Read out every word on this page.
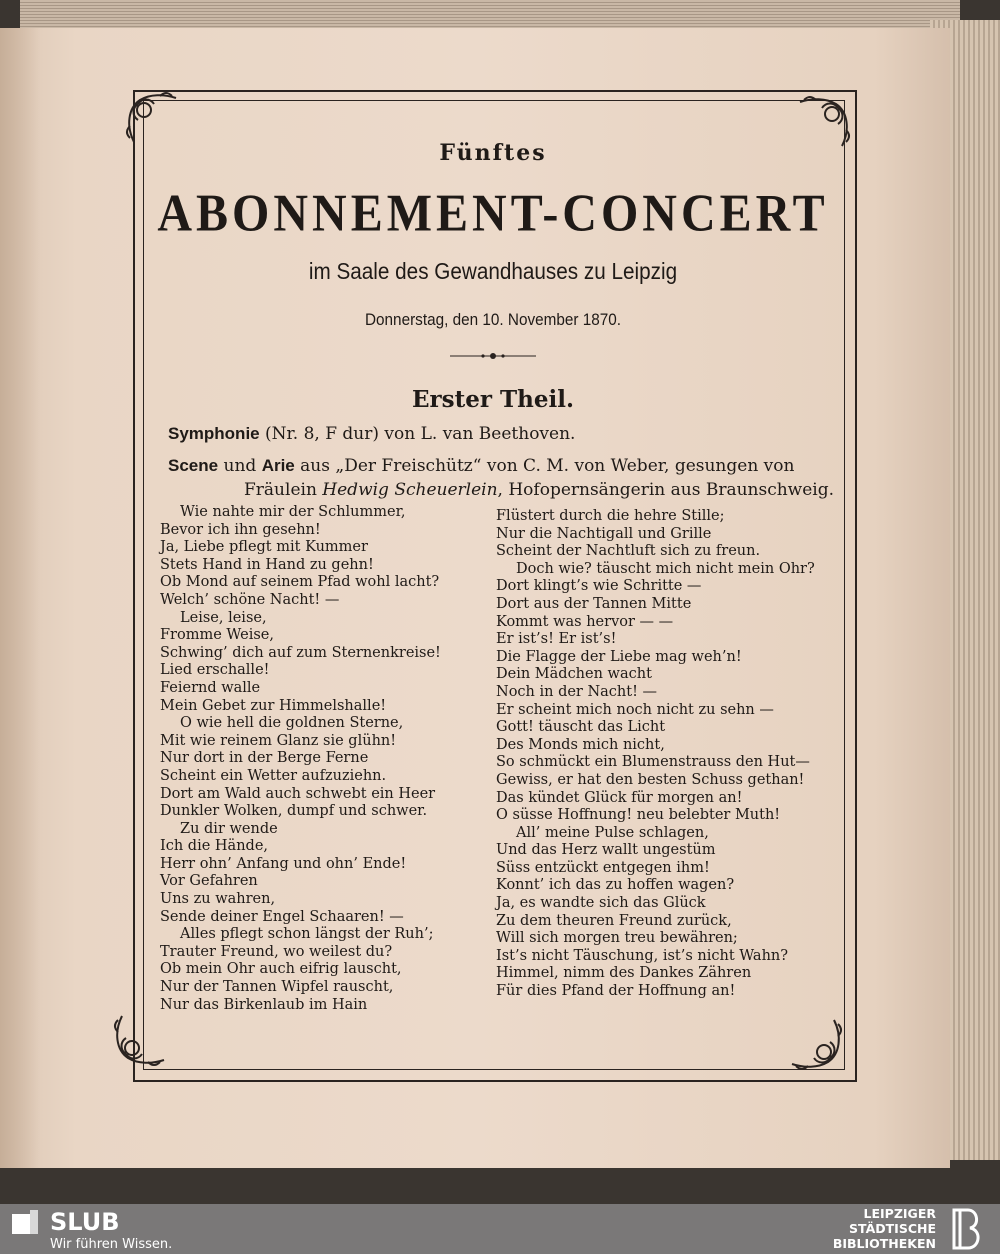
Fünftes
ABONNEMENT-CONCERT
im Saale des Gewandhauses zu Leipzig
Donnerstag, den 10. November 1870.
Erster Theil.
Symphonie (Nr. 8, F dur) von L. van Beethoven.
Scene und Arie aus „Der Freischütz“ von C. M. von Weber, gesungen von
Fräulein Hedwig Scheuerlein, Hofopernsängerin aus Braunschweig.
Wie nahte mir der Schlummer,
Bevor ich ihn gesehn!
Ja, Liebe pflegt mit Kummer
Stets Hand in Hand zu gehn!
Ob Mond auf seinem Pfad wohl lacht?
Welch’ schöne Nacht! —
Leise, leise,
Fromme Weise,
Schwing’ dich auf zum Sternenkreise!
Lied erschalle!
Feiernd walle
Mein Gebet zur Himmelshalle!
O wie hell die goldnen Sterne,
Mit wie reinem Glanz sie glühn!
Nur dort in der Berge Ferne
Scheint ein Wetter aufzuziehn.
Dort am Wald auch schwebt ein Heer
Dunkler Wolken, dumpf und schwer.
Zu dir wende
Ich die Hände,
Herr ohn’ Anfang und ohn’ Ende!
Vor Gefahren
Uns zu wahren,
Sende deiner Engel Schaaren! —
Alles pflegt schon längst der Ruh’;
Trauter Freund, wo weilest du?
Ob mein Ohr auch eifrig lauscht,
Nur der Tannen Wipfel rauscht,
Nur das Birkenlaub im Hain
Flüstert durch die hehre Stille;
Nur die Nachtigall und Grille
Scheint der Nachtluft sich zu freun.
Doch wie? täuscht mich nicht mein Ohr?
Dort klingt’s wie Schritte —
Dort aus der Tannen Mitte
Kommt was hervor — —
Er ist’s! Er ist’s!
Die Flagge der Liebe mag weh’n!
Dein Mädchen wacht
Noch in der Nacht! —
Er scheint mich noch nicht zu sehn —
Gott! täuscht das Licht
Des Monds mich nicht,
So schmückt ein Blumenstrauss den Hut—
Gewiss, er hat den besten Schuss gethan!
Das kündet Glück für morgen an!
O süsse Hoffnung! neu belebter Muth!
All’ meine Pulse schlagen,
Und das Herz wallt ungestüm
Süss entzückt entgegen ihm!
Konnt’ ich das zu hoffen wagen?
Ja, es wandte sich das Glück
Zu dem theuren Freund zurück,
Will sich morgen treu bewähren;
Ist’s nicht Täuschung, ist’s nicht Wahn?
Himmel, nimm des Dankes Zähren
Für dies Pfand der Hoffnung an!
SLUB
Wir führen Wissen.
LEIPZIGER
STÄDTISCHE
BIBLIOTHEKEN
